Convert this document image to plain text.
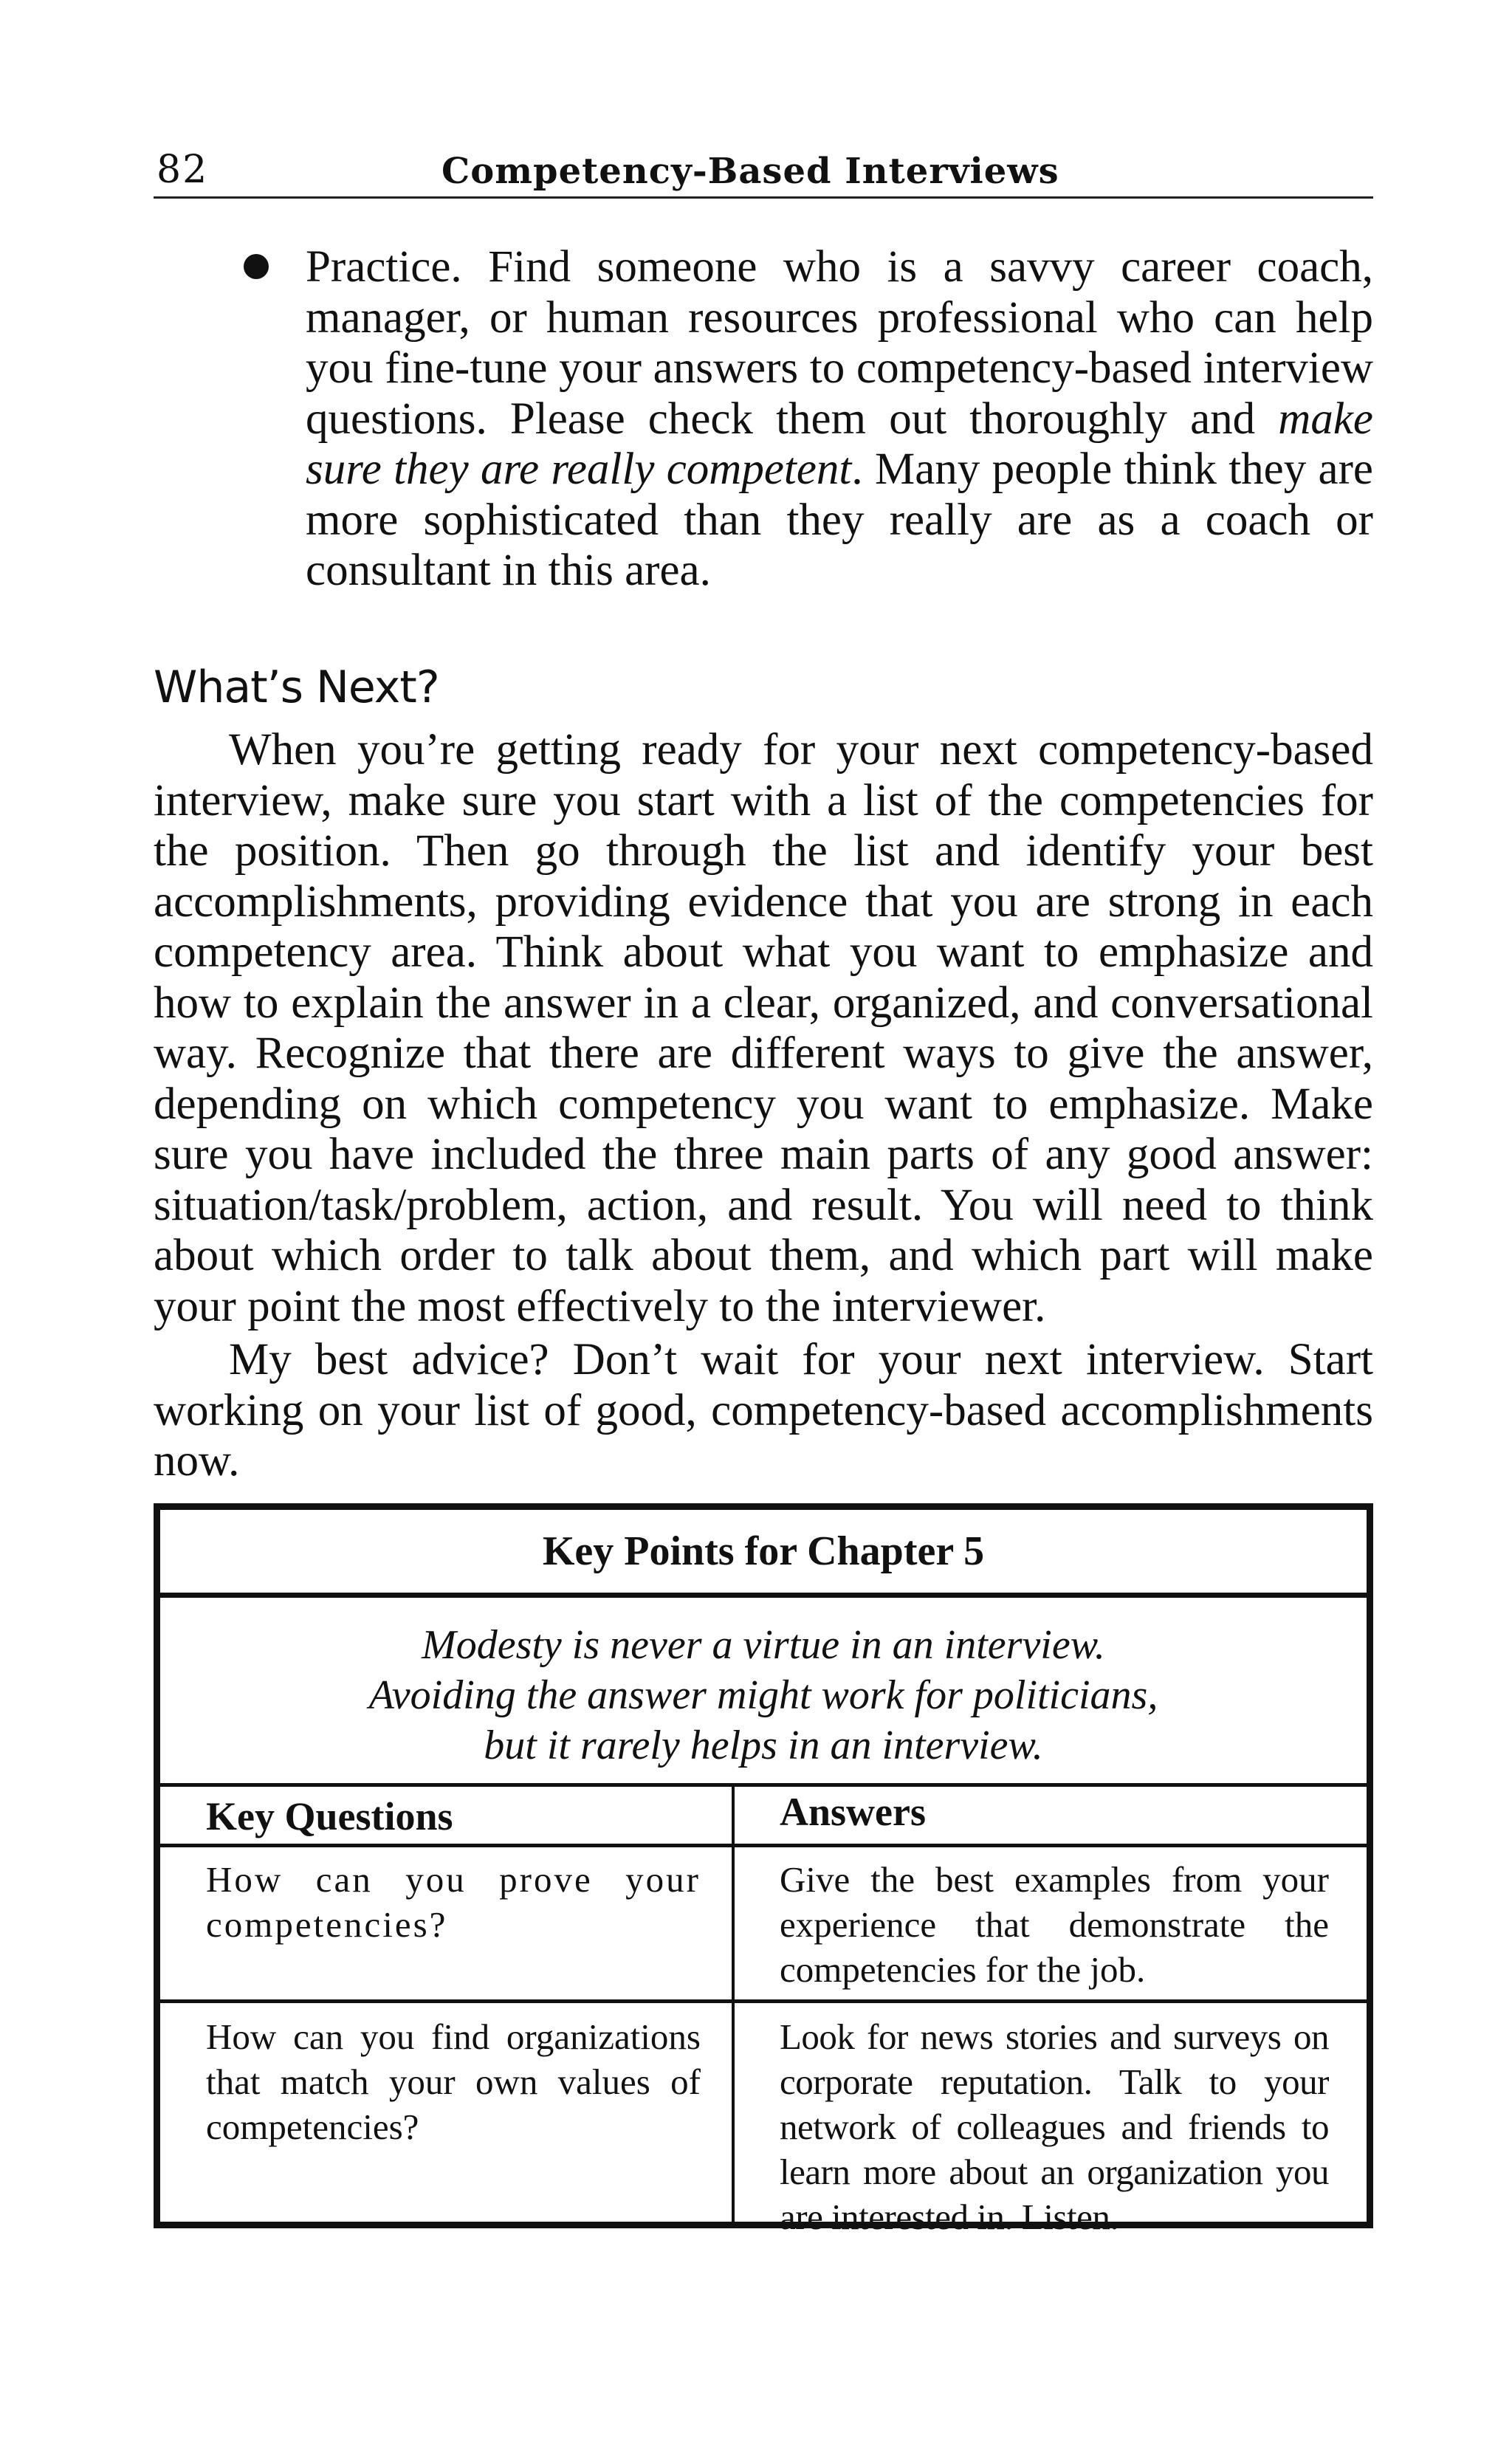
82	Competency-Based Interviews

Practice. Find someone who is a savvy career coach, manager, or human resources professional who can help you fine-tune your answers to competency-based interview questions. Please check them out thoroughly and make sure they are really competent. Many people think they are more sophisticated than they really are as a coach or consultant in this area.

What’s Next?

When you’re getting ready for your next competency-based interview, make sure you start with a list of the competencies for the position. Then go through the list and identify your best accomplishments, providing evidence that you are strong in each competency area. Think about what you want to emphasize and how to explain the answer in a clear, organized, and conversational way. Recognize that there are different ways to give the answer, depending on which competency you want to emphasize. Make sure you have included the three main parts of any good answer: situation/task/problem, action, and result. You will need to think about which order to talk about them, and which part will make your point the most effectively to the interviewer.

My best advice? Don’t wait for your next interview. Start working on your list of good, competency-based accomplishments now.

Key Points for Chapter 5
Modesty is never a virtue in an interview.
Avoiding the answer might work for politicians,
but it rarely helps in an interview.
Key Questions	Answers
How can you prove your competencies?
Give the best examples from your experience that demonstrate the competencies for the job.
How can you find organizations that match your own values of competencies?
Look for news stories and surveys on corporate reputation. Talk to your network of colleagues and friends to learn more about an organization you are interested in. Listen.
